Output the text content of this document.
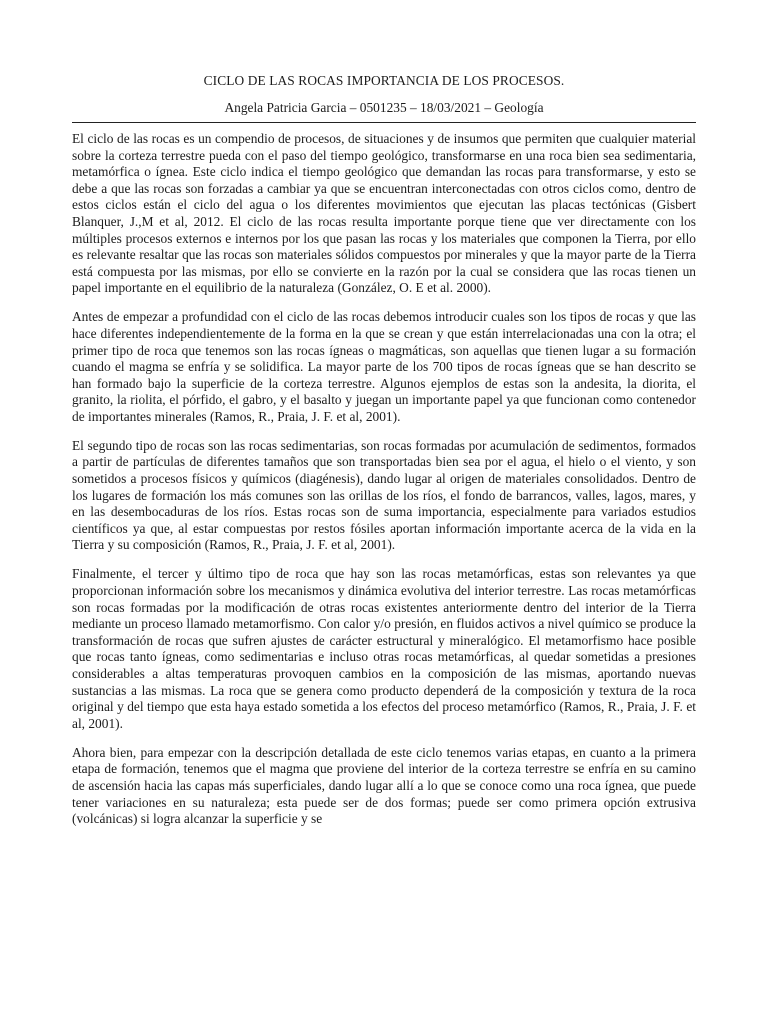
CICLO DE LAS ROCAS IMPORTANCIA DE LOS PROCESOS.
Angela Patricia Garcia – 0501235 – 18/03/2021 – Geología

El ciclo de las rocas es un compendio de procesos, de situaciones y de insumos que permiten que cualquier material sobre la corteza terrestre pueda con el paso del tiempo geológico, transformarse en una roca bien sea sedimentaria, metamórfica o ígnea. Este ciclo indica el tiempo geológico que demandan las rocas para transformarse, y esto se debe a que las rocas son forzadas a cambiar ya que se encuentran interconectadas con otros ciclos como, dentro de estos ciclos están el ciclo del agua o los diferentes movimientos que ejecutan las placas tectónicas (Gisbert Blanquer, J.,M et al, 2012. El ciclo de las rocas resulta importante porque tiene que ver directamente con los múltiples procesos externos e internos por los que pasan las rocas y los materiales que componen la Tierra, por ello es relevante resaltar que las rocas son materiales sólidos compuestos por minerales y que la mayor parte de la Tierra está compuesta por las mismas, por ello se convierte en la razón por la cual se considera que las rocas tienen un papel importante en el equilibrio de la naturaleza (González, O. E et al. 2000).

Antes de empezar a profundidad con el ciclo de las rocas debemos introducir cuales son los tipos de rocas y que las hace diferentes independientemente de la forma en la que se crean y que están interrelacionadas una con la otra; el primer tipo de roca que tenemos son las rocas ígneas o magmáticas, son aquellas que tienen lugar a su formación cuando el magma se enfría y se solidifica. La mayor parte de los 700 tipos de rocas ígneas que se han descrito se han formado bajo la superficie de la corteza terrestre. Algunos ejemplos de estas son la andesita, la diorita, el granito, la riolita, el pórfido, el gabro, y el basalto y juegan un importante papel ya que funcionan como contenedor de importantes minerales (Ramos, R., Praia, J. F. et al, 2001).

El segundo tipo de rocas son las rocas sedimentarias, son rocas formadas por acumulación de sedimentos, formados a partir de partículas de diferentes tamaños que son transportadas bien sea por el agua, el hielo o el viento, y son sometidos a procesos físicos y químicos (diagénesis), dando lugar al origen de materiales consolidados. Dentro de los lugares de formación los más comunes son las orillas de los ríos, el fondo de barrancos, valles, lagos, mares, y en las desembocaduras de los ríos. Estas rocas son de suma importancia, especialmente para variados estudios científicos ya que, al estar compuestas por restos fósiles aportan información importante acerca de la vida en la Tierra y su composición (Ramos, R., Praia, J. F. et al, 2001).

Finalmente, el tercer y último tipo de roca que hay son las rocas metamórficas, estas son relevantes ya que proporcionan información sobre los mecanismos y dinámica evolutiva del interior terrestre. Las rocas metamórficas son rocas formadas por la modificación de otras rocas existentes anteriormente dentro del interior de la Tierra mediante un proceso llamado metamorfismo. Con calor y/o presión, en fluidos activos a nivel químico se produce la transformación de rocas que sufren ajustes de carácter estructural y mineralógico. El metamorfismo hace posible que rocas tanto ígneas, como sedimentarias e incluso otras rocas metamórficas, al quedar sometidas a presiones considerables a altas temperaturas provoquen cambios en la composición de las mismas, aportando nuevas sustancias a las mismas. La roca que se genera como producto dependerá de la composición y textura de la roca original y del tiempo que esta haya estado sometida a los efectos del proceso metamórfico (Ramos, R., Praia, J. F. et al, 2001).

Ahora bien, para empezar con la descripción detallada de este ciclo tenemos varias etapas, en cuanto a la primera etapa de formación, tenemos que el magma que proviene del interior de la corteza terrestre se enfría en su camino de ascensión hacia las capas más superficiales, dando lugar allí a lo que se conoce como una roca ígnea, que puede tener variaciones en su naturaleza; esta puede ser de dos formas; puede ser como primera opción extrusiva (volcánicas) si logra alcanzar la superficie y se
